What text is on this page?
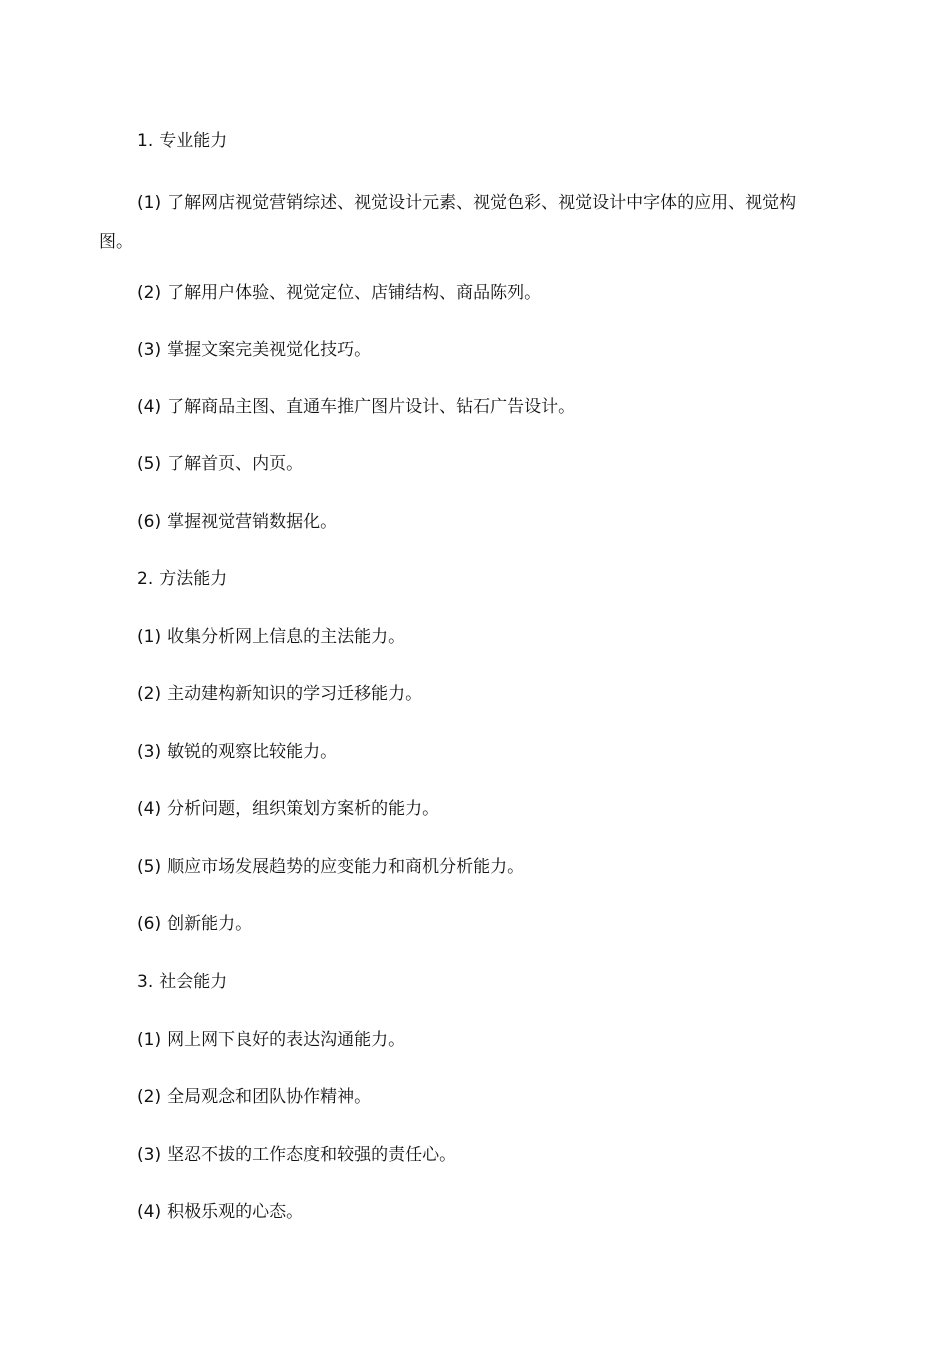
1. 专业能力
(1) 了解网店视觉营销综述、视觉设计元素、视觉色彩、视觉设计中字体的应用、视觉构图。
(2) 了解用户体验、视觉定位、店铺结构、商品陈列。
(3) 掌握文案完美视觉化技巧。
(4) 了解商品主图、直通车推广图片设计、钻石广告设计。
(5) 了解首页、内页。
(6) 掌握视觉营销数据化。
2. 方法能力
(1) 收集分析网上信息的主法能力。
(2) 主动建构新知识的学习迁移能力。
(3) 敏锐的观察比较能力。
(4) 分析问题，组织策划方案析的能力。
(5) 顺应市场发展趋势的应变能力和商机分析能力。
(6) 创新能力。
3. 社会能力
(1) 网上网下良好的表达沟通能力。
(2) 全局观念和团队协作精神。
(3) 坚忍不拔的工作态度和较强的责任心。
(4) 积极乐观的心态。
